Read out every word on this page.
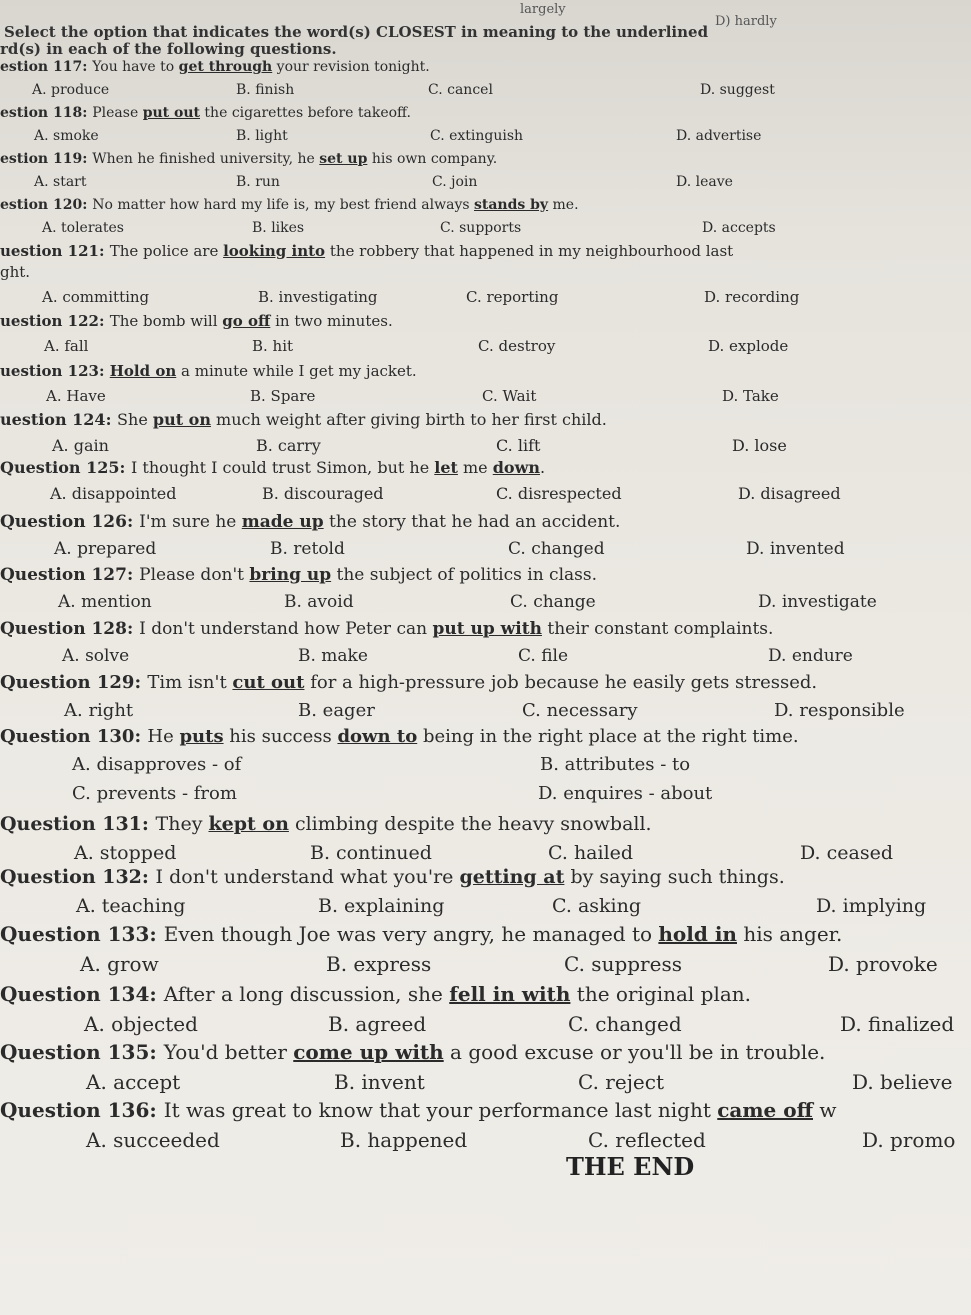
largely
D) hardly
Select the option that indicates the word(s) CLOSEST in meaning to the underlined
rd(s) in each of the following questions.
estion 117: You have to get through your revision tonight.
A. produce	B. finish	C. cancel	D. suggest
estion 118: Please put out the cigarettes before takeoff.
A. smoke	B. light	C. extinguish	D. advertise
estion 119: When he finished university, he set up his own company.
A. start	B. run	C. join	D. leave
estion 120: No matter how hard my life is, my best friend always stands by me.
A. tolerates	B. likes	C. supports	D. accepts
uestion 121: The police are looking into the robbery that happened in my neighbourhood last
ght.
A. committing	B. investigating	C. reporting	D. recording
uestion 122: The bomb will go off in two minutes.
A. fall	B. hit	C. destroy	D. explode
uestion 123: Hold on a minute while I get my jacket.
A. Have	B. Spare	C. Wait	D. Take
uestion 124: She put on much weight after giving birth to her first child.
A. gain	B. carry	C. lift	D. lose
Question 125: I thought I could trust Simon, but he let me down.
A. disappointed	B. discouraged	C. disrespected	D. disagreed
Question 126: I'm sure he made up the story that he had an accident.
A. prepared	B. retold	C. changed	D. invented
Question 127: Please don't bring up the subject of politics in class.
A. mention	B. avoid	C. change	D. investigate
Question 128: I don't understand how Peter can put up with their constant complaints.
A. solve	B. make	C. file	D. endure
Question 129: Tim isn't cut out for a high-pressure job because he easily gets stressed.
A. right	B. eager	C. necessary	D. responsible
Question 130: He puts his success down to being in the right place at the right time.
A. disapproves - of	B. attributes - to
C. prevents - from	D. enquires - about
Question 131: They kept on climbing despite the heavy snowball.
A. stopped	B. continued	C. hailed	D. ceased
Question 132: I don't understand what you're getting at by saying such things.
A. teaching	B. explaining	C. asking	D. implying
Question 133: Even though Joe was very angry, he managed to hold in his anger.
A. grow	B. express	C. suppress	D. provoke
Question 134: After a long discussion, she fell in with the original plan.
A. objected	B. agreed	C. changed	D. finalized
Question 135: You'd better come up with a good excuse or you'll be in trouble.
A. accept	B. invent	C. reject	D. believe
Question 136: It was great to know that your performance last night came off w
A. succeeded	B. happened	C. reflected	D. promo
THE END
